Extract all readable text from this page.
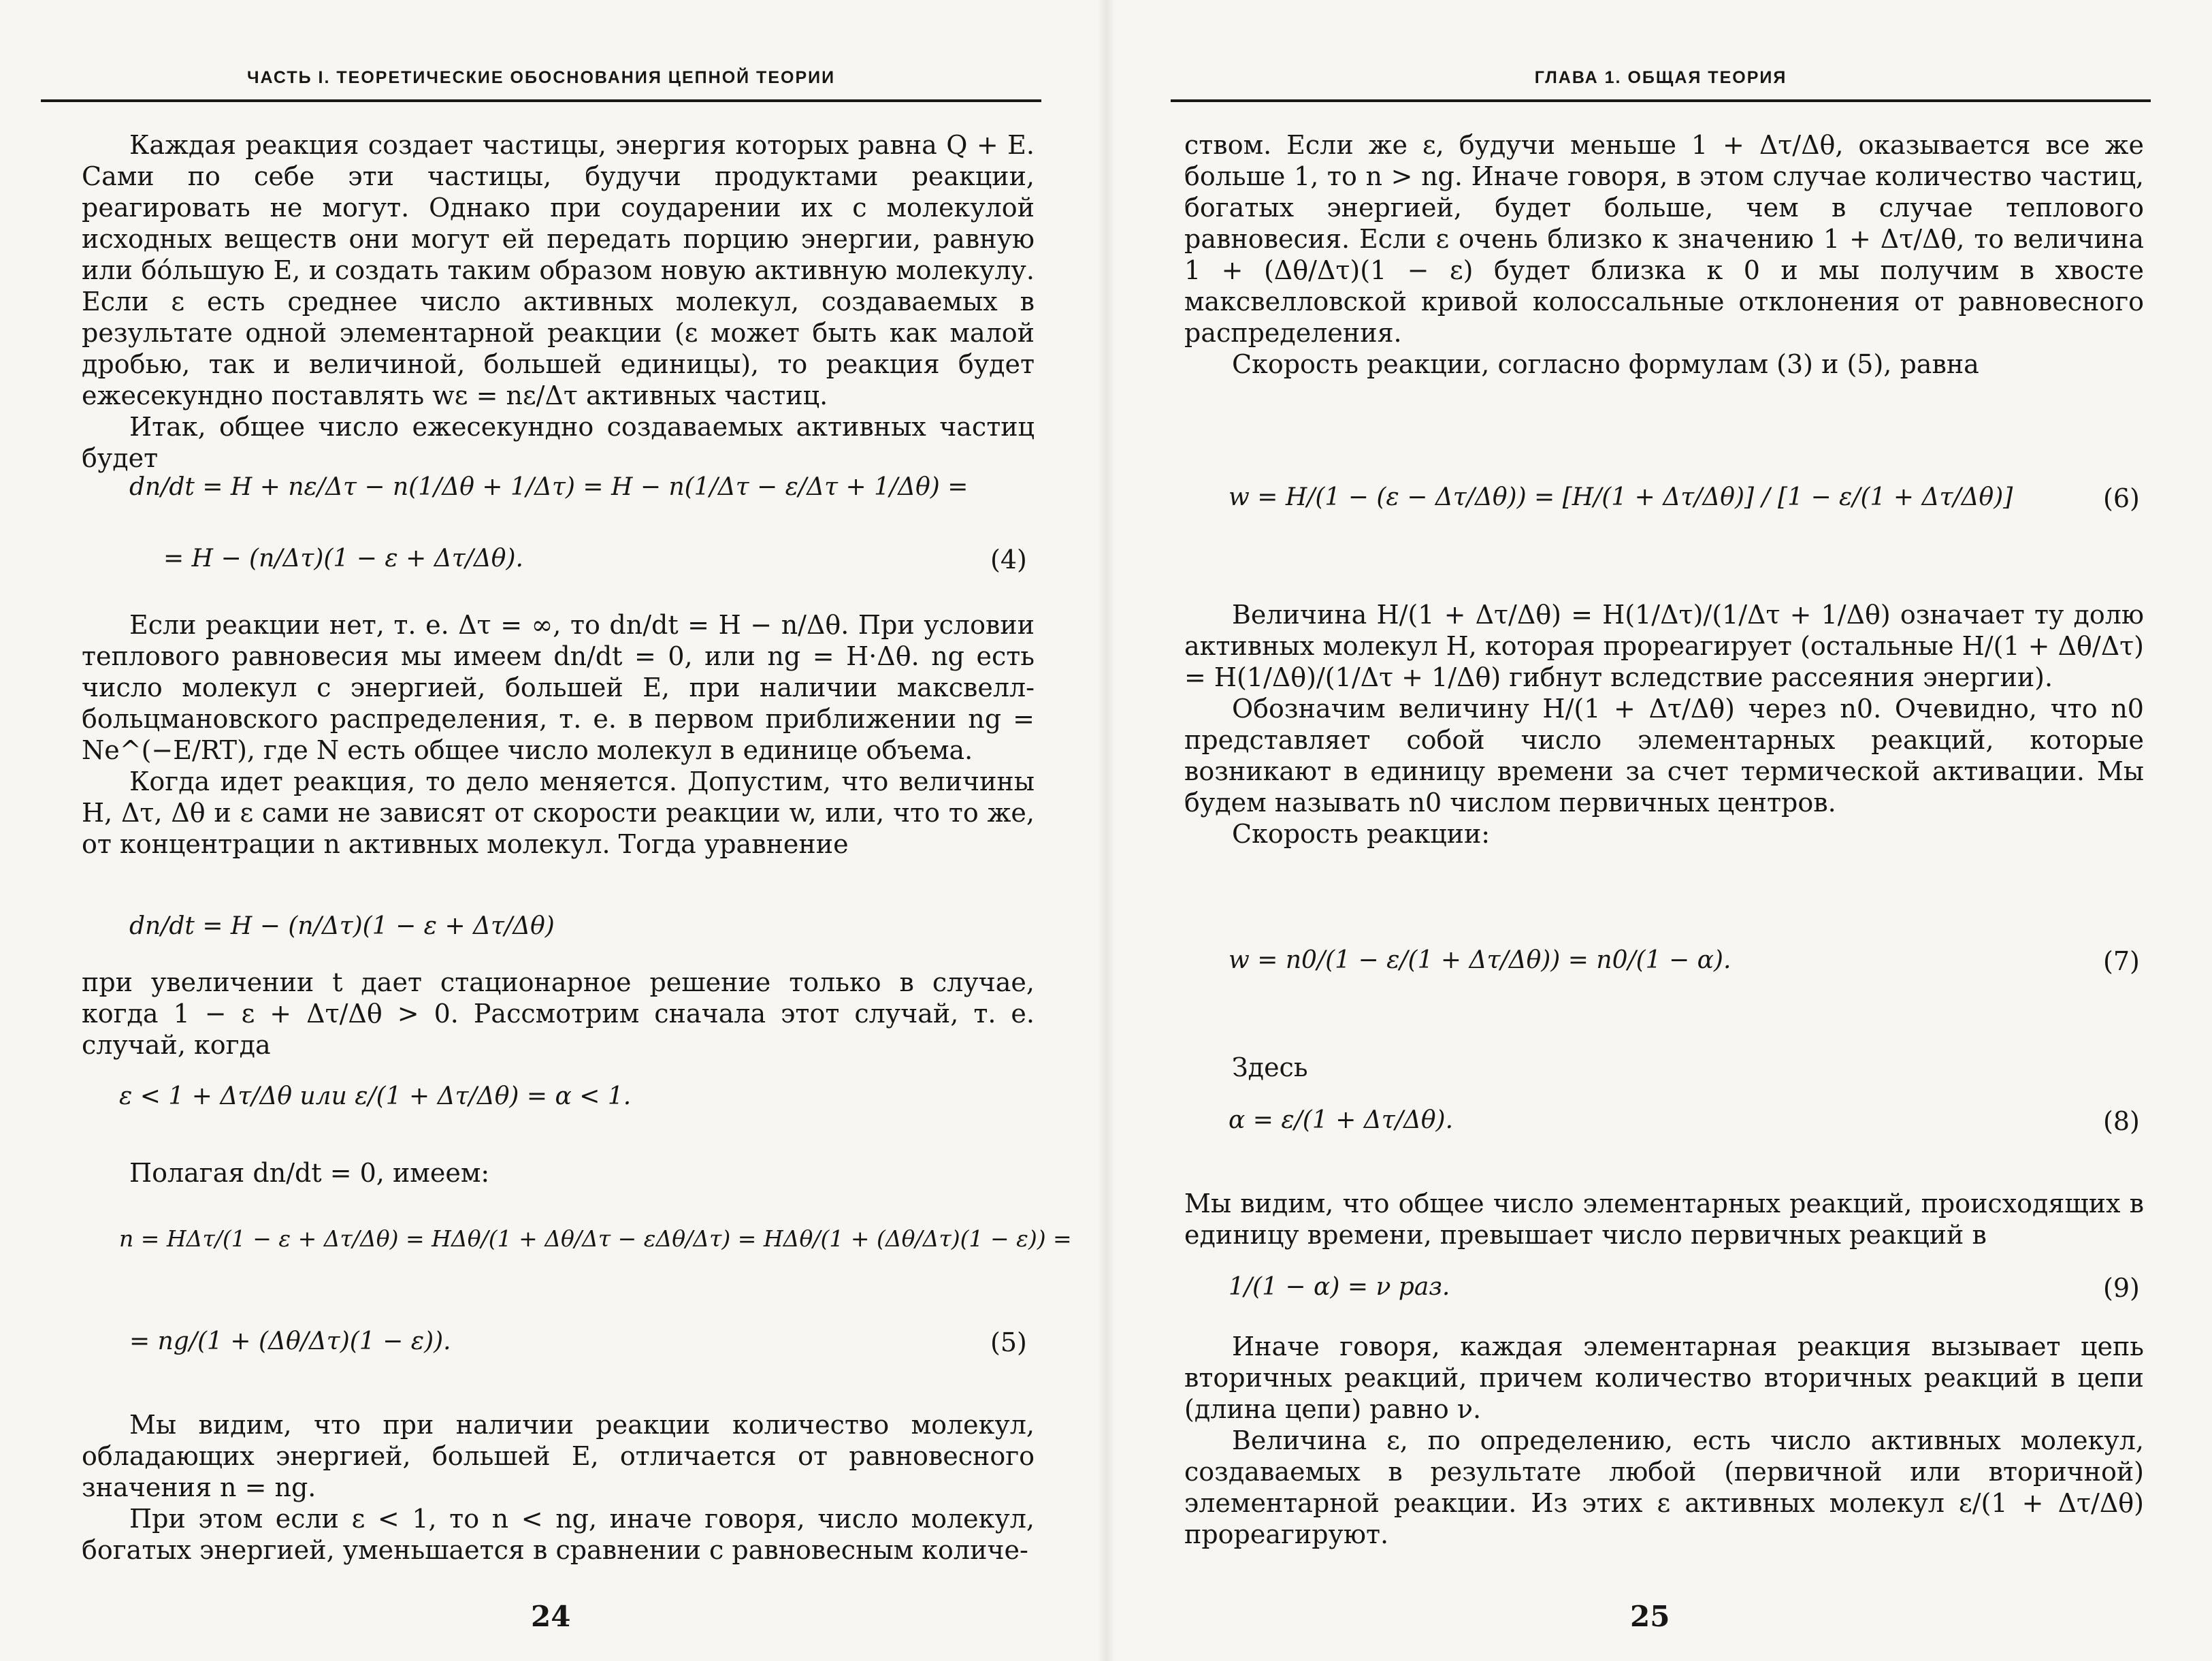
ЧАСТЬ I. ТЕОРЕТИЧЕСКИЕ ОБОСНОВАНИЯ ЦЕПНОЙ ТЕОРИИ

Каждая реакция создает частицы, энергия которых равна Q + E. Сами по себе эти частицы, будучи продуктами реакции, реагировать не могут. Однако при соударении их с молекулой исходных веществ они могут ей передать порцию энергии, равную или бо́льшую E, и создать таким образом новую активную молекулу. Если ε есть среднее число активных молекул, создаваемых в результате одной элементарной реакции (ε может быть как малой дробью, так и величиной, большей единицы), то реакция будет ежесекундно поставлять wε = nε/Δτ активных частиц.

Итак, общее число ежесекундно создаваемых активных частиц будет

dn/dt = H + nε/Δτ − n(1/Δθ + 1/Δτ) = H − n(1/Δτ − ε/Δτ + 1/Δθ) =
= H − (n/Δτ)(1 − ε + Δτ/Δθ).	(4)

Если реакции нет, т. е. Δτ = ∞, то dn/dt = H − n/Δθ. При условии теплового равновесия мы имеем dn/dt = 0, или ng = H·Δθ. ng есть число молекул с энергией, большей E, при наличии максвелл-больцмановского распределения, т. е. в первом приближении ng = Ne^(−E/RT), где N есть общее число молекул в единице объема.

Когда идет реакция, то дело меняется. Допустим, что величины H, Δτ, Δθ и ε сами не зависят от скорости реакции w, или, что то же, от концентрации n активных молекул. Тогда уравнение

dn/dt = H − (n/Δτ)(1 − ε + Δτ/Δθ)

при увеличении t дает стационарное решение только в случае, когда 1 − ε + Δτ/Δθ > 0. Рассмотрим сначала этот случай, т. е. случай, когда

ε < 1 + Δτ/Δθ или ε/(1 + Δτ/Δθ) = α < 1.

Полагая dn/dt = 0, имеем:

n = HΔτ/(1 − ε + Δτ/Δθ) = HΔθ/(1 + Δθ/Δτ − εΔθ/Δτ) = HΔθ/(1 + (Δθ/Δτ)(1 − ε)) =
= ng/(1 + (Δθ/Δτ)(1 − ε)).	(5)

Мы видим, что при наличии реакции количество молекул, обладающих энергией, большей E, отличается от равновесного значения n = ng.

При этом если ε < 1, то n < ng, иначе говоря, число молекул, богатых энергией, уменьшается в сравнении с равновесным количе-

24
ГЛАВА 1. ОБЩАЯ ТЕОРИЯ

ством. Если же ε, будучи меньше 1 + Δτ/Δθ, оказывается все же больше 1, то n > ng. Иначе говоря, в этом случае количество частиц, богатых энергией, будет больше, чем в случае теплового равновесия. Если ε очень близко к значению 1 + Δτ/Δθ, то величина 1 + (Δθ/Δτ)(1 − ε) будет близка к 0 и мы получим в хвосте максвелловской кривой колоссальные отклонения от равновесного распределения.

Скорость реакции, согласно формулам (3) и (5), равна

w = H/(1 − (ε − Δτ/Δθ)) = [H/(1 + Δτ/Δθ)] / [1 − ε/(1 + Δτ/Δθ)]	(6)

Величина H/(1 + Δτ/Δθ) = H(1/Δτ)/(1/Δτ + 1/Δθ) означает ту долю активных молекул H, которая прореагирует (остальные H/(1 + Δθ/Δτ) = H(1/Δθ)/(1/Δτ + 1/Δθ) гибнут вследствие рассеяния энергии).

Обозначим величину H/(1 + Δτ/Δθ) через n0. Очевидно, что n0 представляет собой число элементарных реакций, которые возникают в единицу времени за счет термической активации. Мы будем называть n0 числом первичных центров.

Скорость реакции:

w = n0/(1 − ε/(1 + Δτ/Δθ)) = n0/(1 − α).	(7)

Здесь

α = ε/(1 + Δτ/Δθ).	(8)

Мы видим, что общее число элементарных реакций, происходящих в единицу времени, превышает число первичных реакций в

1/(1 − α) = ν раз.	(9)

Иначе говоря, каждая элементарная реакция вызывает цепь вторичных реакций, причем количество вторичных реакций в цепи (длина цепи) равно ν.

Величина ε, по определению, есть число активных молекул, создаваемых в результате любой (первичной или вторичной) элементарной реакции. Из этих ε активных молекул ε/(1 + Δτ/Δθ) прореагируют.

25
